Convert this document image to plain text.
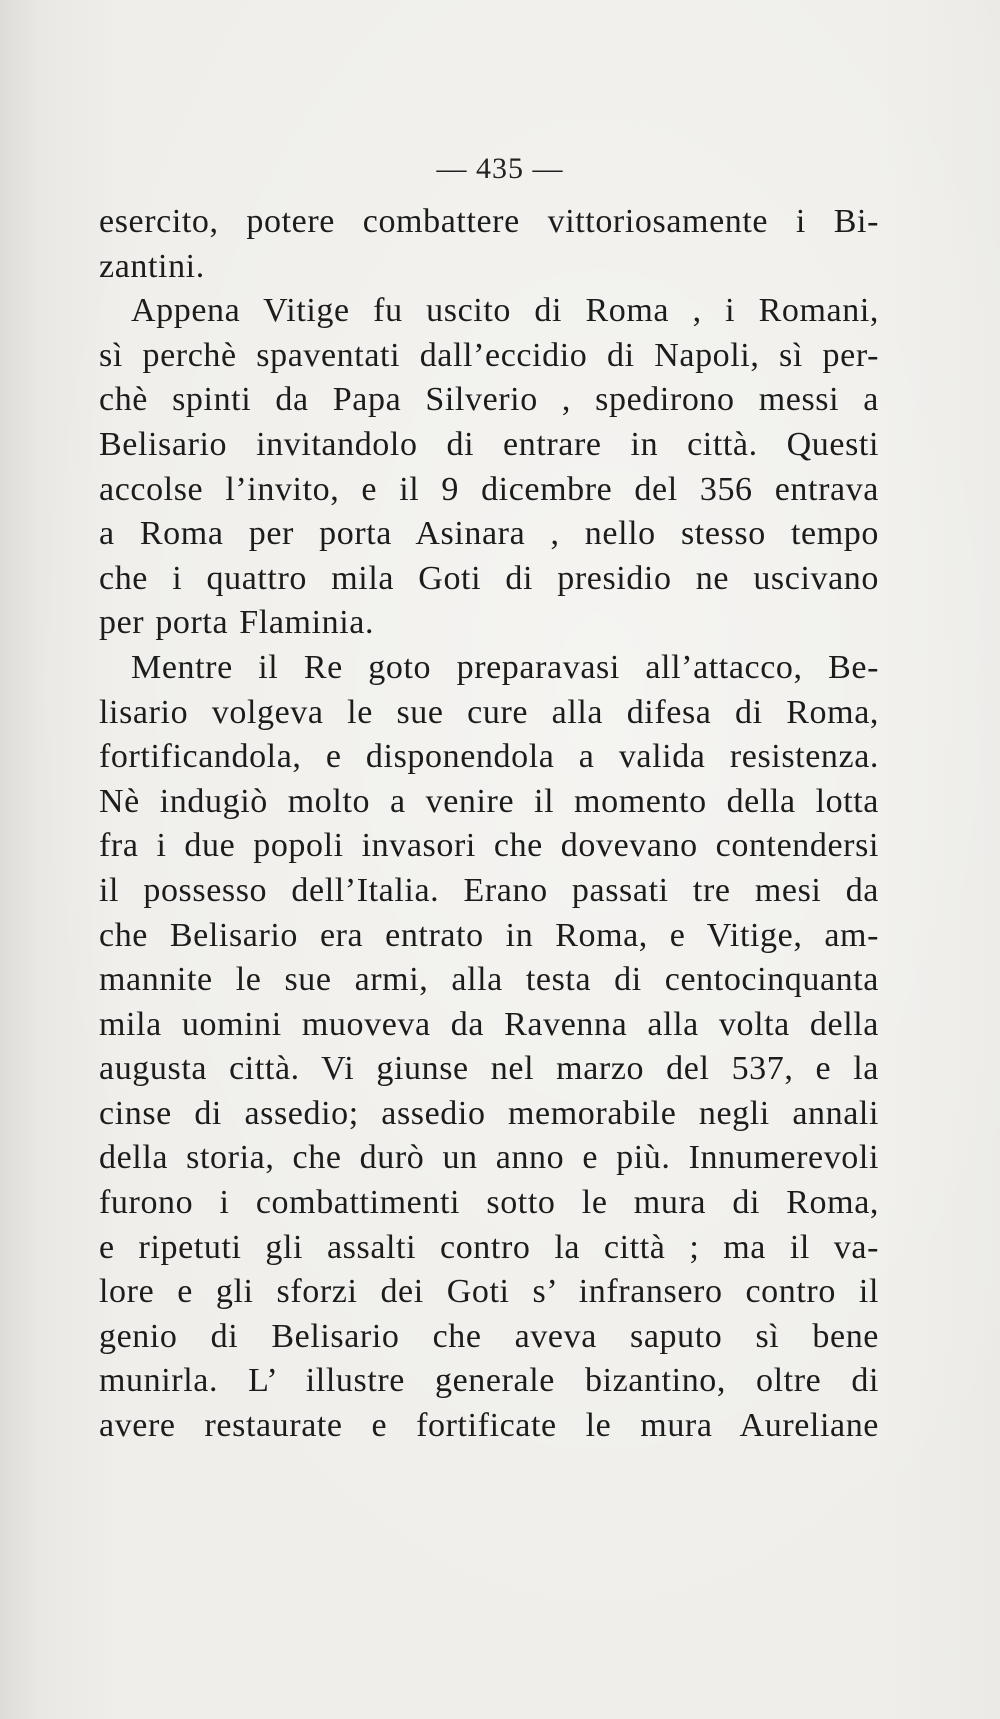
— 435 —
esercito, potere combattere vittoriosamente i Bi-
zantini.
Appena Vitige fu uscito di Roma , i Romani,
sì perchè spaventati dall’eccidio di Napoli, sì per-
chè spinti da Papa Silverio , spedirono messi a
Belisario invitandolo di entrare in città. Questi
accolse l’invito, e il 9 dicembre del 356 entrava
a Roma per porta Asinara , nello stesso tempo
che i quattro mila Goti di presidio ne uscivano
per porta Flaminia.
Mentre il Re goto preparavasi all’attacco, Be-
lisario volgeva le sue cure alla difesa di Roma,
fortificandola, e disponendola a valida resistenza.
Nè indugiò molto a venire il momento della lotta
fra i due popoli invasori che dovevano contendersi
il possesso dell’Italia. Erano passati tre mesi da
che Belisario era entrato in Roma, e Vitige, am-
mannite le sue armi, alla testa di centocinquanta
mila uomini muoveva da Ravenna alla volta della
augusta città. Vi giunse nel marzo del 537, e la
cinse di assedio; assedio memorabile negli annali
della storia, che durò un anno e più. Innumerevoli
furono i combattimenti sotto le mura di Roma,
e ripetuti gli assalti contro la città ; ma il va-
lore e gli sforzi dei Goti s’ infransero contro il
genio di Belisario che aveva saputo sì bene
munirla. L’ illustre generale bizantino, oltre di
avere restaurate e fortificate le mura Aureliane
